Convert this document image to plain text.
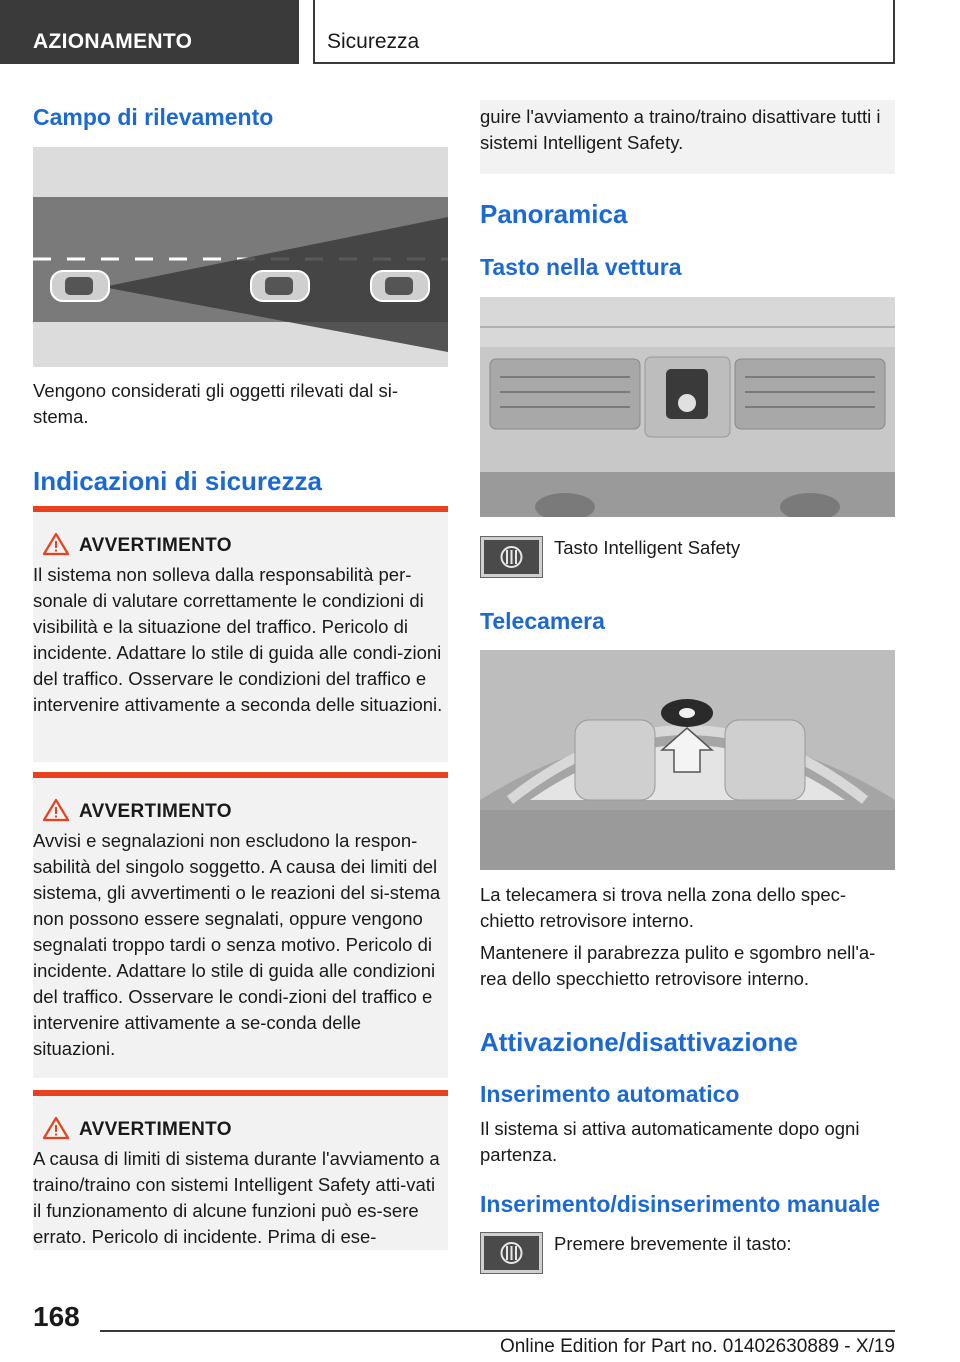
AZIONAMENTO	Sicurezza
Campo di rilevamento
Vengono considerati gli oggetti rilevati dal si-stema.
Indicazioni di sicurezza
AVVERTIMENTO
Il sistema non solleva dalla responsabilità per-sonale di valutare correttamente le condizioni di visibilità e la situazione del traffico. Pericolo di incidente. Adattare lo stile di guida alle condi-zioni del traffico. Osservare le condizioni del traffico e intervenire attivamente a seconda delle situazioni.
AVVERTIMENTO
Avvisi e segnalazioni non escludono la respon-sabilità del singolo soggetto. A causa dei limiti del sistema, gli avvertimenti o le reazioni del si-stema non possono essere segnalati, oppure vengono segnalati troppo tardi o senza motivo. Pericolo di incidente. Adattare lo stile di guida alle condizioni del traffico. Osservare le condi-zioni del traffico e intervenire attivamente a se-conda delle situazioni.
AVVERTIMENTO
A causa di limiti di sistema durante l'avviamento a traino/traino con sistemi Intelligent Safety atti-vati il funzionamento di alcune funzioni può es-sere errato. Pericolo di incidente. Prima di ese-

guire l'avviamento a traino/traino disattivare tutti i sistemi Intelligent Safety.

Panoramica
Tasto nella vettura
Tasto Intelligent Safety
Telecamera
La telecamera si trova nella zona dello spec-chietto retrovisore interno.
Mantenere il parabrezza pulito e sgombro nell'a-rea dello specchietto retrovisore interno.
Attivazione/disattivazione
Inserimento automatico
Il sistema si attiva automaticamente dopo ogni partenza.
Inserimento/disinserimento manuale
Premere brevemente il tasto:
168
Online Edition for Part no. 01402630889 - X/19
